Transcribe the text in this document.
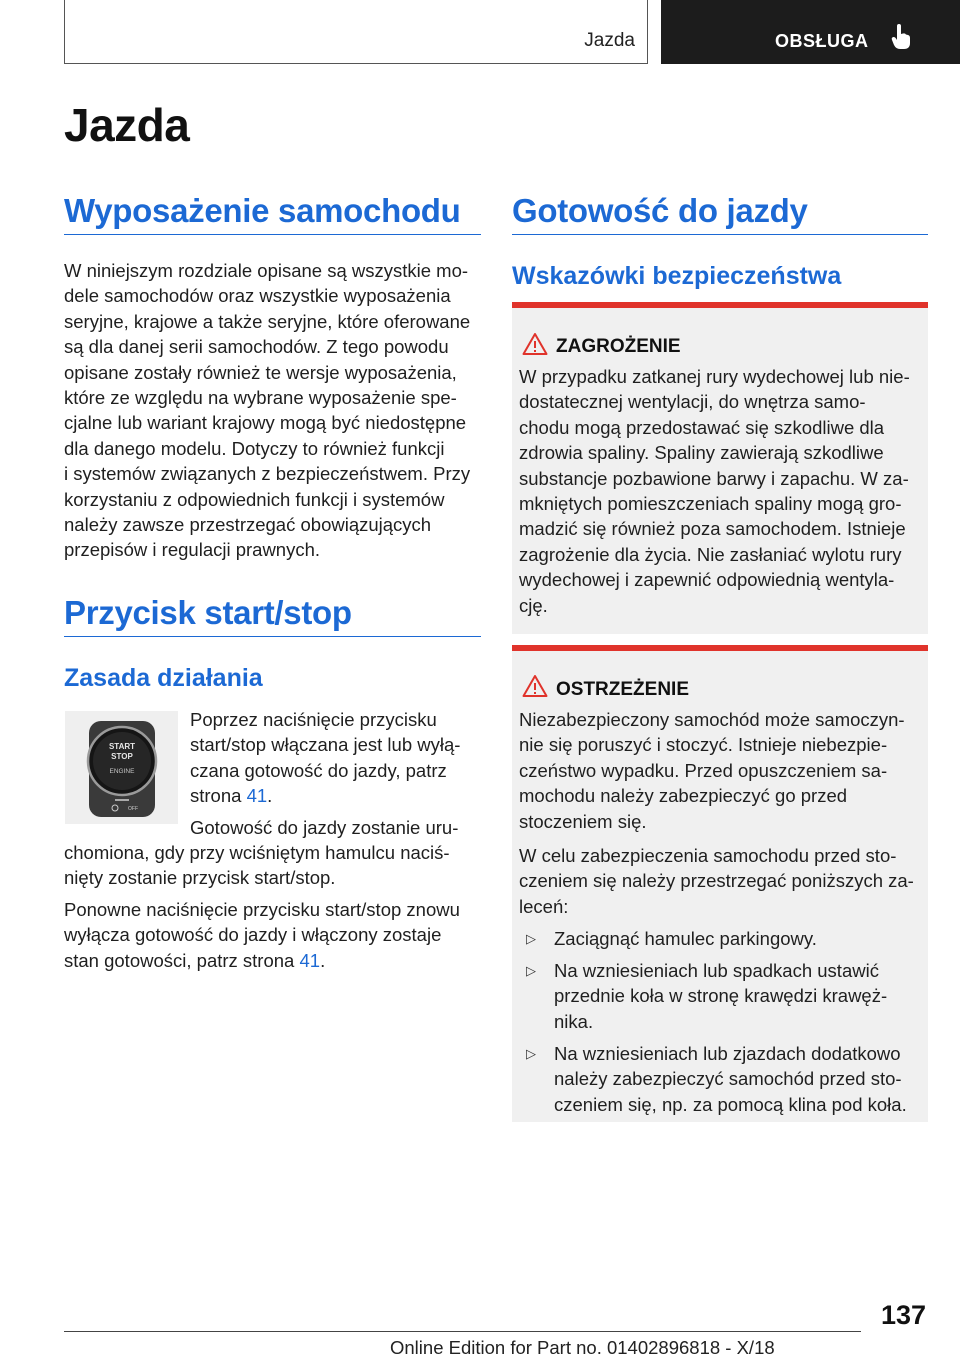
Jazda	OBSŁUGA
Jazda
Wyposażenie samochodu
W niniejszym rozdziale opisane są wszystkie mo‐
dele samochodów oraz wszystkie wyposażenia
seryjne, krajowe a także seryjne, które oferowane
są dla danej serii samochodów. Z tego powodu
opisane zostały również te wersje wyposażenia,
które ze względu na wybrane wyposażenie spe‐
cjalne lub wariant krajowy mogą być niedostępne
dla danego modelu. Dotyczy to również funkcji
i systemów związanych z bezpieczeństwem. Przy
korzystaniu z odpowiednich funkcji i systemów
należy zawsze przestrzegać obowiązujących
przepisów i regulacji prawnych.
Przycisk start/stop
Zasada działania
START
STOP
ENGINE
OFF
Poprzez naciśnięcie przycisku
start/stop włączana jest lub wyłą‐
czana gotowość do jazdy, patrz
strona 41.
Gotowość do jazdy zostanie uru‐
chomiona, gdy przy wciśniętym hamulcu naciś‐
nięty zostanie przycisk start/stop.
Ponowne naciśnięcie przycisku start/stop znowu
wyłącza gotowość do jazdy i włączony zostaje
stan gotowości, patrz strona 41.
Gotowość do jazdy
Wskazówki bezpieczeństwa
ZAGROŻENIE
W przypadku zatkanej rury wydechowej lub nie‐
dostatecznej wentylacji, do wnętrza samo‐
chodu mogą przedostawać się szkodliwe dla
zdrowia spaliny. Spaliny zawierają szkodliwe
substancje pozbawione barwy i zapachu. W za‐
mkniętych pomieszczeniach spaliny mogą gro‐
madzić się również poza samochodem. Istnieje
zagrożenie dla życia. Nie zasłaniać wylotu rury
wydechowej i zapewnić odpowiednią wentyla‐
cję.
OSTRZEŻENIE
Niezabezpieczony samochód może samoczyn‐
nie się poruszyć i stoczyć. Istnieje niebezpie‐
czeństwo wypadku. Przed opuszczeniem sa‐
mochodu należy zabezpieczyć go przed
stoczeniem się.
W celu zabezpieczenia samochodu przed sto‐
czeniem się należy przestrzegać poniższych za‐
leceń:
▷ Zaciągnąć hamulec parkingowy.
▷ Na wzniesieniach lub spadkach ustawić
przednie koła w stronę krawędzi krawęż‐
nika.
▷ Na wzniesieniach lub zjazdach dodatkowo
należy zabezpieczyć samochód przed sto‐
czeniem się, np. za pomocą klina pod koła.
137
Online Edition for Part no. 01402896818 - X/18
